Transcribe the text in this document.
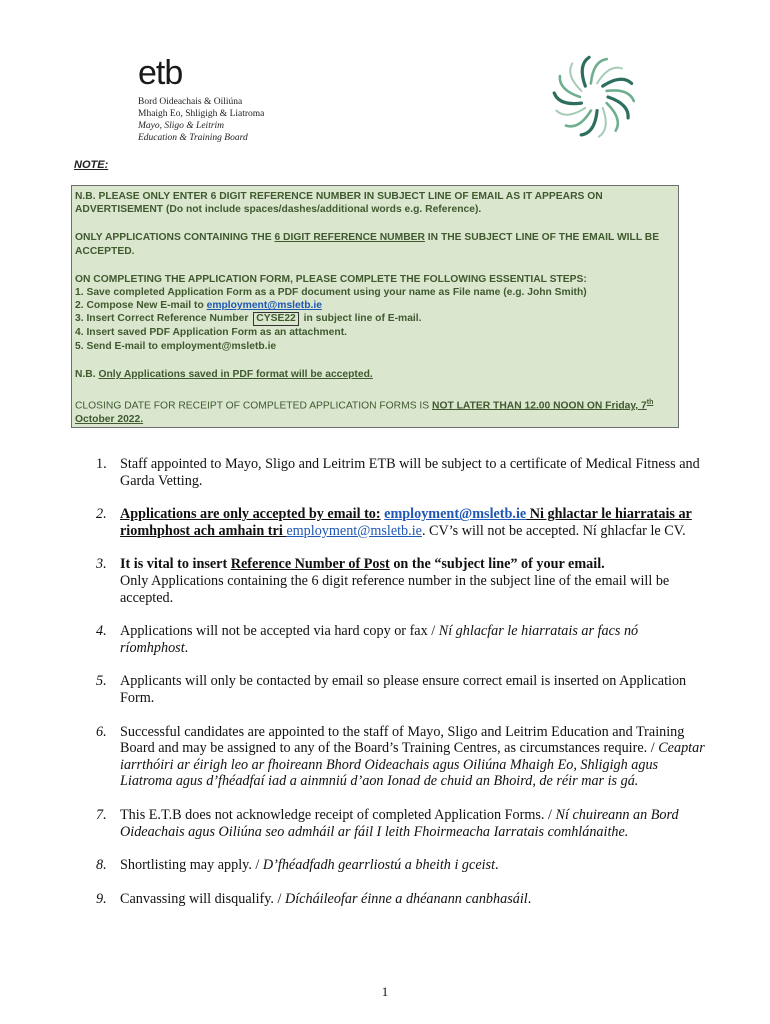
etb
Bord Oideachais & Oiliúna
Mhaigh Eo, Shligigh & Liatroma
Mayo, Sligo & Leitrim
Education & Training Board
NOTE:

N.B. PLEASE ONLY ENTER 6 DIGIT REFERENCE NUMBER IN SUBJECT LINE OF EMAIL AS IT APPEARS ON ADVERTISEMENT (Do not include spaces/dashes/additional words e.g. Reference).

ONLY APPLICATIONS CONTAINING THE 6 DIGIT REFERENCE NUMBER IN THE SUBJECT LINE OF THE EMAIL WILL BE ACCEPTED.

ON COMPLETING THE APPLICATION FORM, PLEASE COMPLETE THE FOLLOWING ESSENTIAL STEPS:

1. Save completed Application Form as a PDF document using your name as File name (e.g. John Smith)

2. Compose New E-mail to employment@msletb.ie

3. Insert Correct Reference Number CYSE22 in subject line of E-mail.

4. Insert saved PDF Application Form as an attachment.

5. Send E-mail to employment@msletb.ie

N.B. Only Applications saved in PDF format will be accepted.

CLOSING DATE FOR RECEIPT OF COMPLETED APPLICATION FORMS IS NOT LATER THAN 12.00 NOON ON Friday, 7th
October 2022.

1. Staff appointed to Mayo, Sligo and Leitrim ETB will be subject to a certificate of Medical Fitness and Garda Vetting.
2. Applications are only accepted by email to: employment@msletb.ie Ni ghlactar le hiarratais ar riomhphost ach amhain tri employment@msletb.ie. CV’s will not be accepted. Ní ghlacfar le CV.
3. It is vital to insert Reference Number of Post on the “subject line” of your email.
Only Applications containing the 6 digit reference number in the subject line of the email will be accepted.
4. Applications will not be accepted via hard copy or fax / Ní ghlacfar le hiarratais ar facs nó ríomhphost.
5. Applicants will only be contacted by email so please ensure correct email is inserted on Application Form.
6. Successful candidates are appointed to the staff of Mayo, Sligo and Leitrim Education and Training Board and may be assigned to any of the Board’s Training Centres, as circumstances require. / Ceaptar iarrthóiri ar éirigh leo ar fhoireann Bhord Oideachais agus Oiliúna Mhaigh Eo, Shligigh agus Liatroma agus d’fhéadfaí iad a ainmniú d’aon Ionad de chuid an Bhoird, de réir mar is gá.
7. This E.T.B does not acknowledge receipt of completed Application Forms. / Ní chuireann an Bord Oideachais agus Oiliúna seo admháil ar fáil I leith Fhoirmeacha Iarratais comhlánaithe.
8. Shortlisting may apply. / D’fhéadfadh gearrliostú a bheith i gceist.
9. Canvassing will disqualify. / Dícháileofar éinne a dhéanann canbhasáil.
1
